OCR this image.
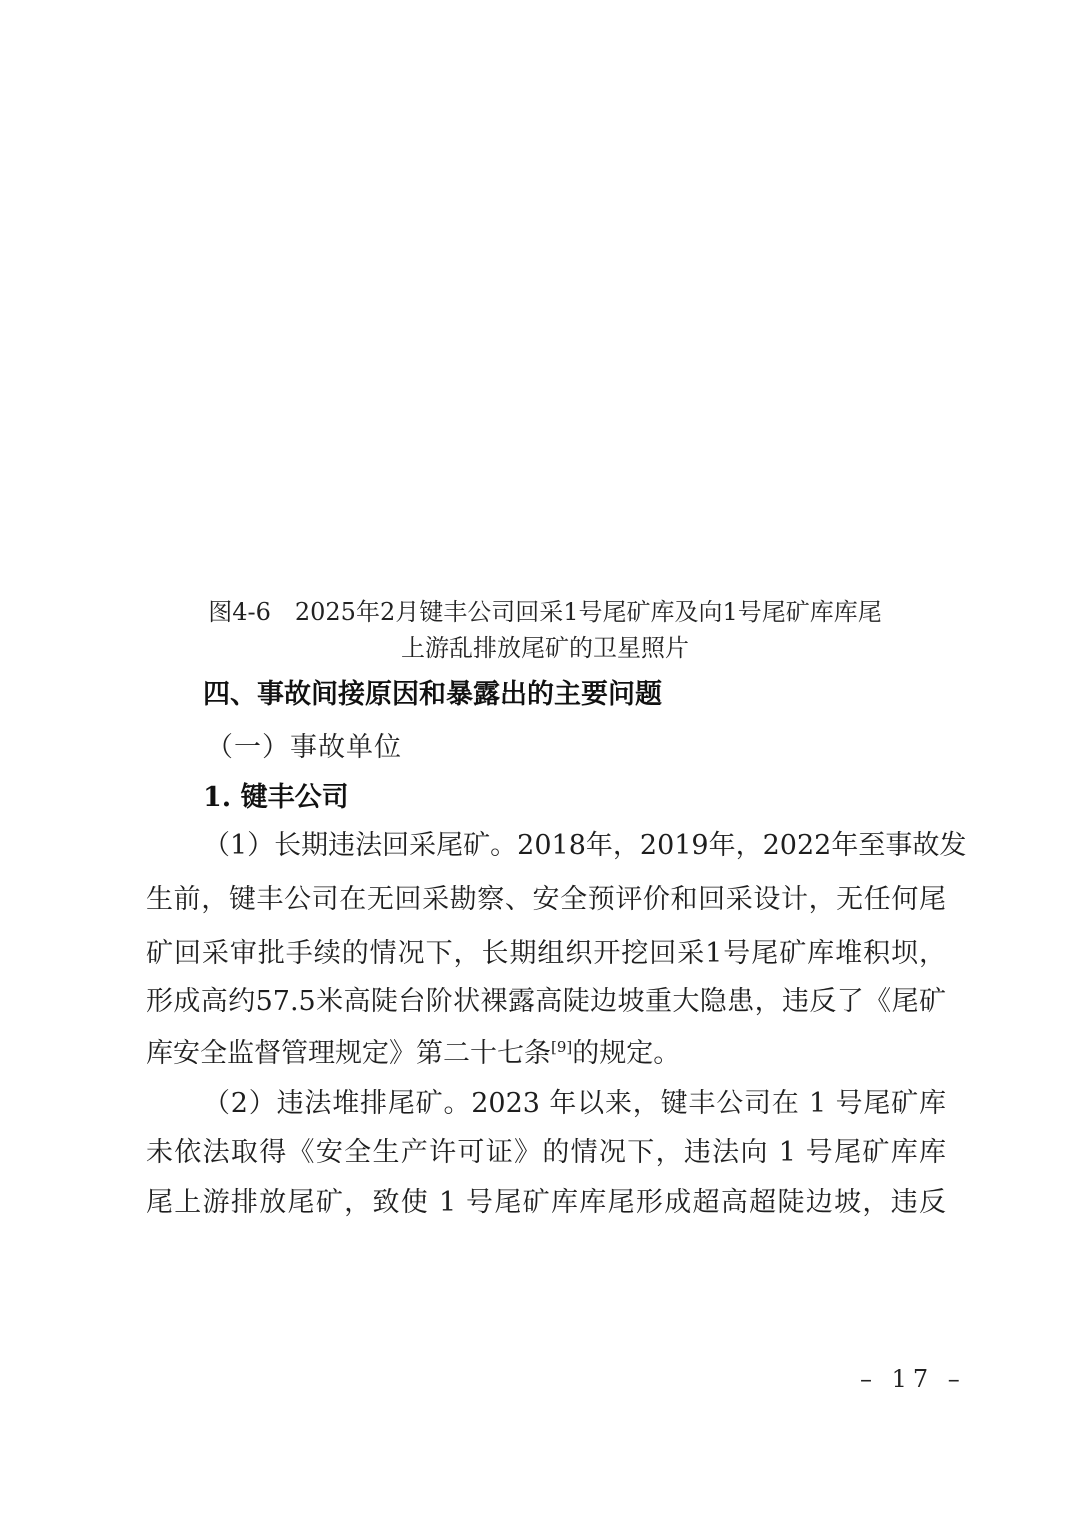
图4-6　2025年2月键丰公司回采1号尾矿库及向1号尾矿库库尾
上游乱排放尾矿的卫星照片
四、事故间接原因和暴露出的主要问题
（一）事故单位
1. 键丰公司
（1）长期违法回采尾矿。2018年，2019年，2022年至事故发
生前，键丰公司在无回采勘察、安全预评价和回采设计，无任何尾
矿回采审批手续的情况下，长期组织开挖回采1号尾矿库堆积坝，
形成高约57.5米高陡台阶状裸露高陡边坡重大隐患，违反了《尾矿
库安全监督管理规定》第二十七条[9]的规定。
（2）违法堆排尾矿。2023 年以来，键丰公司在 1 号尾矿库
未依法取得《安全生产许可证》的情况下，违法向 1 号尾矿库库
尾上游排放尾矿，致使 1 号尾矿库库尾形成超高超陡边坡，违反
– 17 –
